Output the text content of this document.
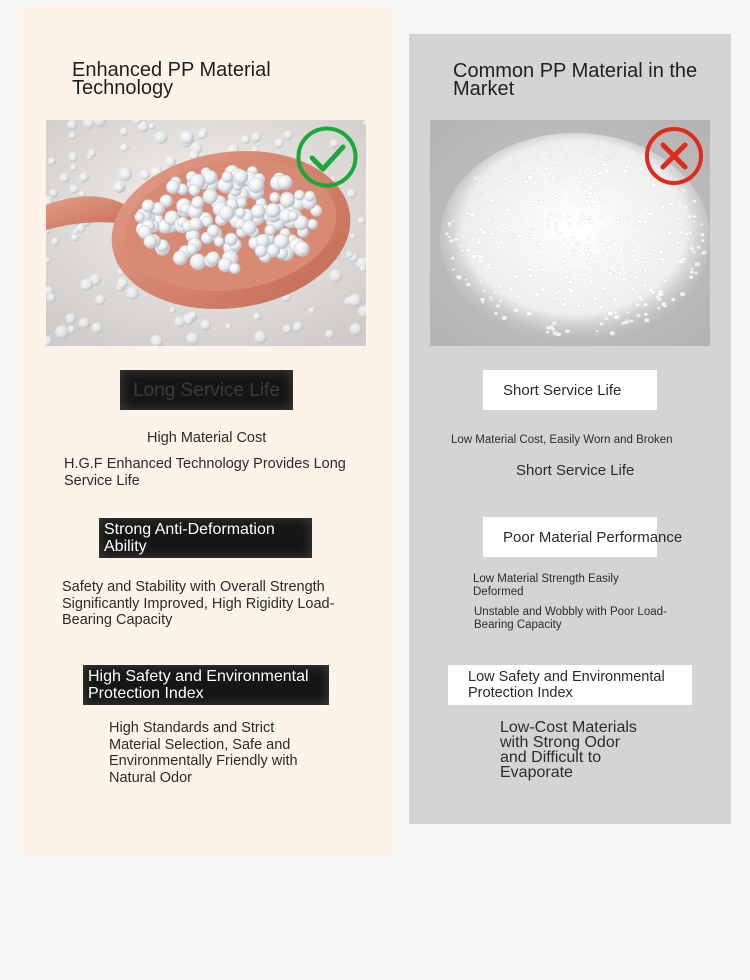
Enhanced PP Material Technology
Long Service Life
High Material Cost
H.G.F Enhanced Technology Provides Long Service Life
Strong Anti-Deformation Ability
Safety and Stability with Overall Strength Significantly Improved, High Rigidity Load-Bearing Capacity
High Safety and Environmental Protection Index
High Standards and Strict Material Selection, Safe and Environmentally Friendly with Natural Odor
Common PP Material in the Market
Short Service Life
Low Material Cost, Easily Worn and Broken
Short Service Life
Poor Material Performance
Low Material Strength Easily Deformed
Unstable and Wobbly with Poor Load-Bearing Capacity
Low Safety and Environmental Protection Index
Low-Cost Materials with Strong Odor and Difficult to Evaporate
